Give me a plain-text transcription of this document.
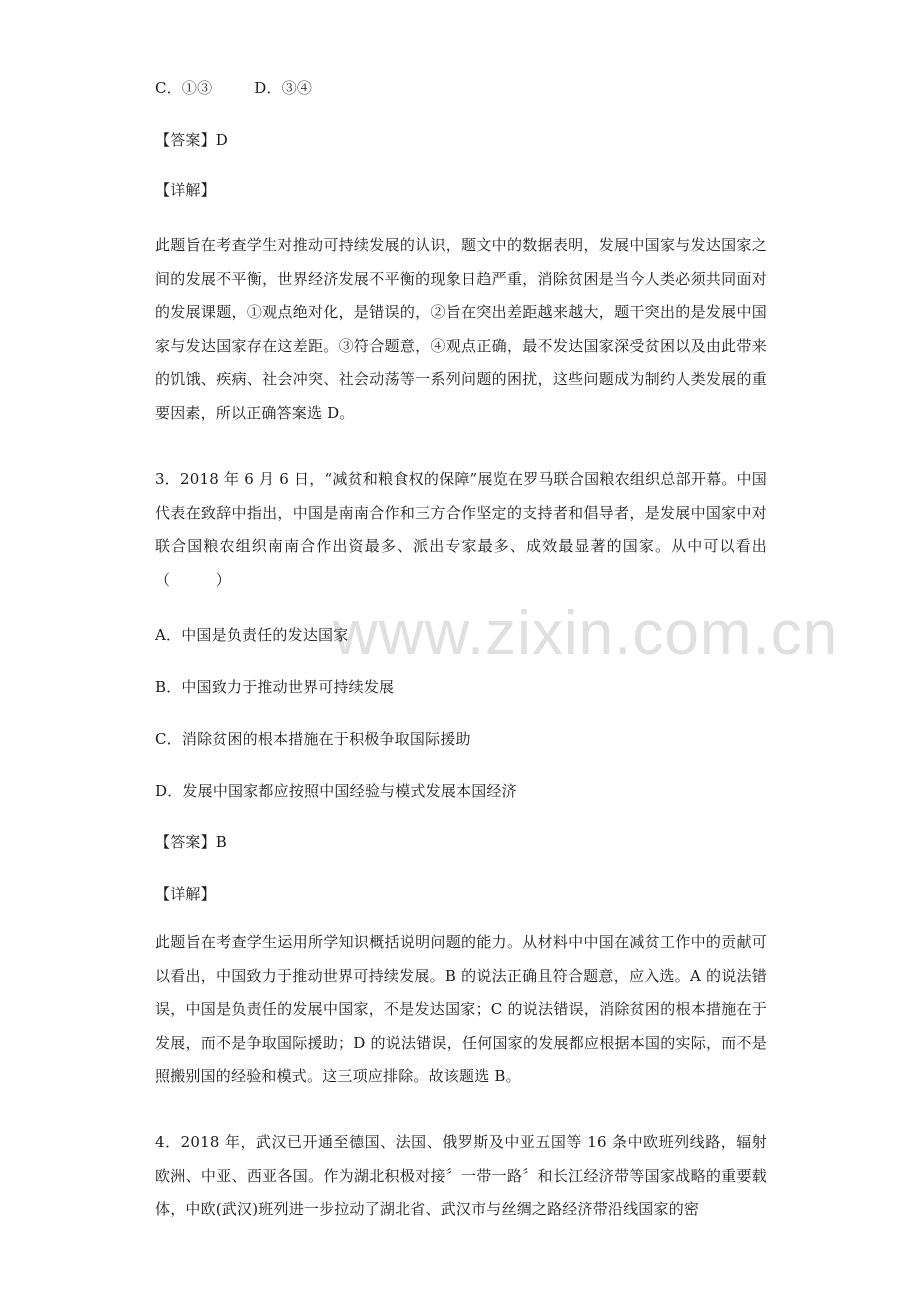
www.zixin.com.cn
C．①③	D．③④
【答案】D
【详解】
此题旨在考查学生对推动可持续发展的认识，题文中的数据表明，发展中国家与发达国家之间的发展不平衡，世界经济发展不平衡的现象日趋严重，消除贫困是当今人类必须共同面对的发展课题，①观点绝对化，是错误的，②旨在突出差距越来越大，题干突出的是发展中国家与发达国家存在这差距。③符合题意，④观点正确，最不发达国家深受贫困以及由此带来的饥饿、疾病、社会冲突、社会动荡等一系列问题的困扰，这些问题成为制约人类发展的重要因素，所以正确答案选 D。
3．2018 年 6 月 6 日，“减贫和粮食权的保障”展览在罗马联合国粮农组织总部开幕。中国代表在致辞中指出，中国是南南合作和三方合作坚定的支持者和倡导者，是发展中国家中对联合国粮农组织南南合作出资最多、派出专家最多、成效最显著的国家。从中可以看出（　　　）
A．中国是负责任的发达国家
B．中国致力于推动世界可持续发展
C．消除贫困的根本措施在于积极争取国际援助
D．发展中国家都应按照中国经验与模式发展本国经济
【答案】B
【详解】
此题旨在考查学生运用所学知识概括说明问题的能力。从材料中中国在减贫工作中的贡献可以看出，中国致力于推动世界可持续发展。B 的说法正确且符合题意，应入选。A 的说法错误，中国是负责任的发展中国家，不是发达国家；C 的说法错误，消除贫困的根本措施在于发展，而不是争取国际援助；D 的说法错误，任何国家的发展都应根据本国的实际，而不是照搬别国的经验和模式。这三项应排除。故该题选 B。
4．2018 年，武汉已开通至德国、法国、俄罗斯及中亚五国等 16 条中欧班列线路，辐射欧洲、中亚、西亚各国。作为湖北积极对接〞一带一路〞和长江经济带等国家战略的重要载体，中欧(武汉)班列进一步拉动了湖北省、武汉市与丝绸之路经济带沿线国家的密
